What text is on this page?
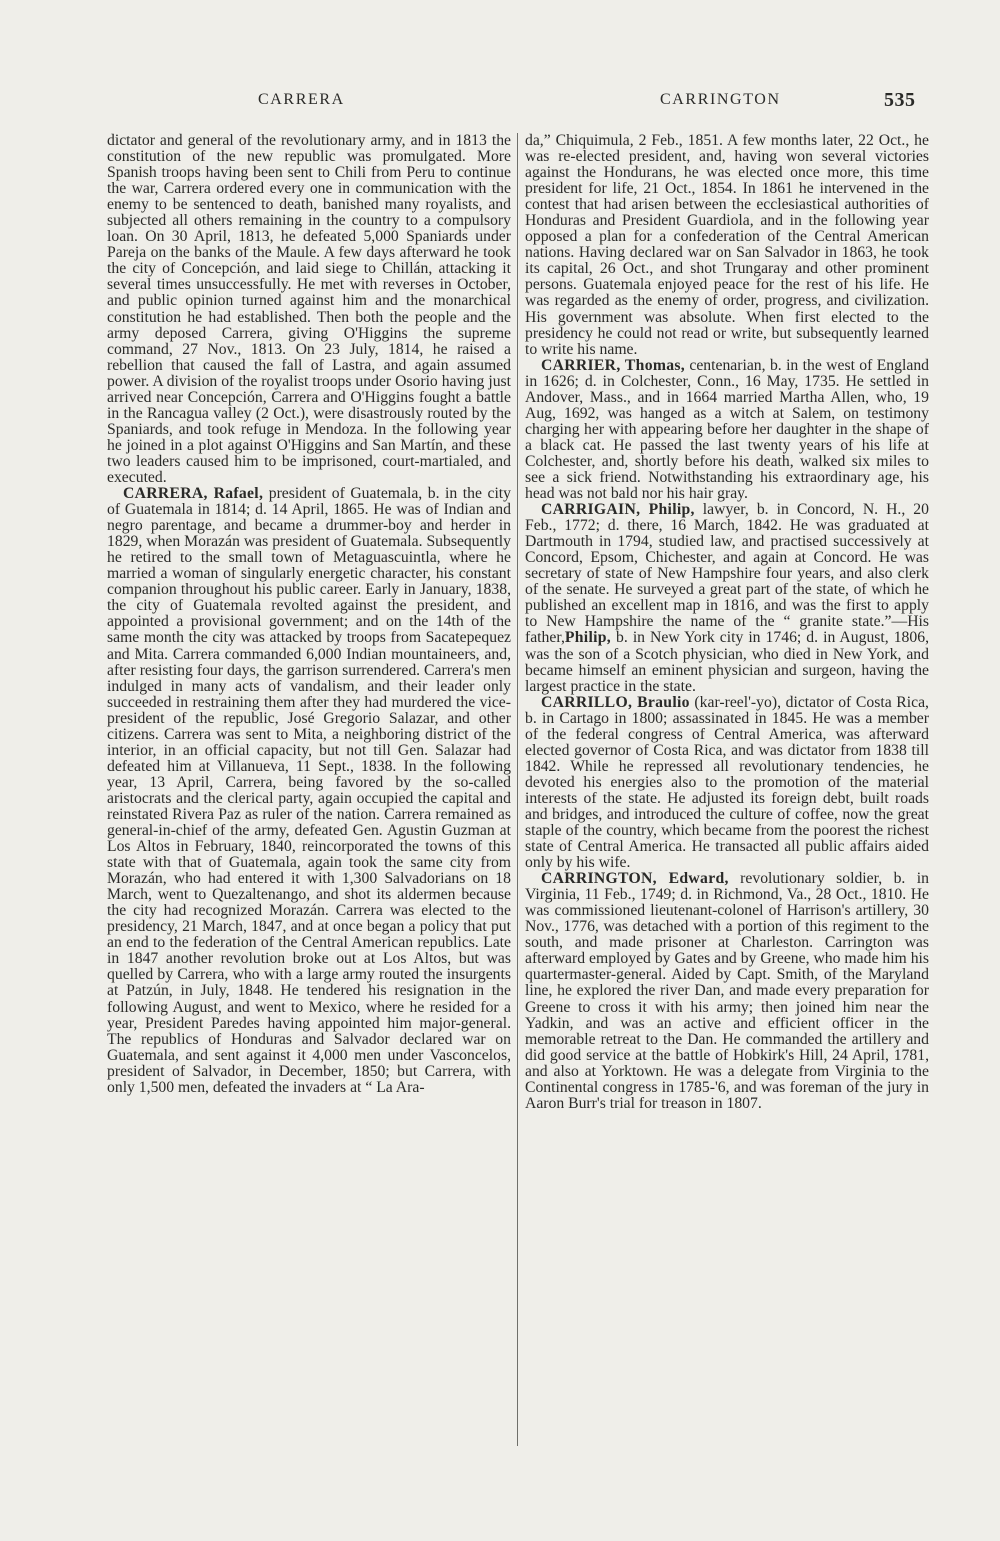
CARRERA	CARRINGTON	535

dictator and general of the revolutionary army, and in 1813 the constitution of the new republic was promulgated. More Spanish troops having been sent to Chili from Peru to continue the war, Carrera ordered every one in communication with the enemy to be sentenced to death, banished many royalists, and subjected all others remaining in the country to a compulsory loan. On 30 April, 1813, he defeated 5,000 Spaniards under Pareja on the banks of the Maule. A few days afterward he took the city of Concepción, and laid siege to Chillán, attacking it several times unsuccessfully. He met with reverses in October, and public opinion turned against him and the monarchical constitution he had established. Then both the people and the army deposed Carrera, giving O'Higgins the supreme command, 27 Nov., 1813. On 23 July, 1814, he raised a rebellion that caused the fall of Lastra, and again assumed power. A division of the royalist troops under Osorio having just arrived near Concepción, Carrera and O'Higgins fought a battle in the Rancagua valley (2 Oct.), were disastrously routed by the Spaniards, and took refuge in Mendoza. In the following year he joined in a plot against O'Higgins and San Martín, and these two leaders caused him to be imprisoned, court-martialed, and executed.

CARRERA, Rafael, president of Guatemala, b. in the city of Guatemala in 1814; d. 14 April, 1865. He was of Indian and negro parentage, and became a drummer-boy and herder in 1829, when Morazán was president of Guatemala. Subsequently he retired to the small town of Metaguascuintla, where he married a woman of singularly energetic character, his constant companion throughout his public career. Early in January, 1838, the city of Guatemala revolted against the president, and appointed a provisional government; and on the 14th of the same month the city was attacked by troops from Sacatepequez and Mita. Carrera commanded 6,000 Indian mountaineers, and, after resisting four days, the garrison surrendered. Carrera's men indulged in many acts of vandalism, and their leader only succeeded in restraining them after they had murdered the vice-president of the republic, José Gregorio Salazar, and other citizens. Carrera was sent to Mita, a neighboring district of the interior, in an official capacity, but not till Gen. Salazar had defeated him at Villanueva, 11 Sept., 1838. In the following year, 13 April, Carrera, being favored by the so-called aristocrats and the clerical party, again occupied the capital and reinstated Rivera Paz as ruler of the nation. Carrera remained as general-in-chief of the army, defeated Gen. Agustin Guzman at Los Altos in February, 1840, reincorporated the towns of this state with that of Guatemala, again took the same city from Morazán, who had entered it with 1,300 Salvadorians on 18 March, went to Quezaltenango, and shot its aldermen because the city had recognized Morazán. Carrera was elected to the presidency, 21 March, 1847, and at once began a policy that put an end to the federation of the Central American republics. Late in 1847 another revolution broke out at Los Altos, but was quelled by Carrera, who with a large army routed the insurgents at Patzún, in July, 1848. He tendered his resignation in the following August, and went to Mexico, where he resided for a year, President Paredes having appointed him major-general. The republics of Honduras and Salvador declared war on Guatemala, and sent against it 4,000 men under Vasconcelos, president of Salvador, in December, 1850; but Carrera, with only 1,500 men, defeated the invaders at “ La Ara-

da,” Chiquimula, 2 Feb., 1851. A few months later, 22 Oct., he was re-elected president, and, having won several victories against the Hondurans, he was elected once more, this time president for life, 21 Oct., 1854. In 1861 he intervened in the contest that had arisen between the ecclesiastical authorities of Honduras and President Guardiola, and in the following year opposed a plan for a confederation of the Central American nations. Having declared war on San Salvador in 1863, he took its capital, 26 Oct., and shot Trungaray and other prominent persons. Guatemala enjoyed peace for the rest of his life. He was regarded as the enemy of order, progress, and civilization. His government was absolute. When first elected to the presidency he could not read or write, but subsequently learned to write his name.

CARRIER, Thomas, centenarian, b. in the west of England in 1626; d. in Colchester, Conn., 16 May, 1735. He settled in Andover, Mass., and in 1664 married Martha Allen, who, 19 Aug, 1692, was hanged as a witch at Salem, on testimony charging her with appearing before her daughter in the shape of a black cat. He passed the last twenty years of his life at Colchester, and, shortly before his death, walked six miles to see a sick friend. Notwithstanding his extraordinary age, his head was not bald nor his hair gray.

CARRIGAIN, Philip, lawyer, b. in Concord, N. H., 20 Feb., 1772; d. there, 16 March, 1842. He was graduated at Dartmouth in 1794, studied law, and practised successively at Concord, Epsom, Chichester, and again at Concord. He was secretary of state of New Hampshire four years, and also clerk of the senate. He surveyed a great part of the state, of which he published an excellent map in 1816, and was the first to apply to New Hampshire the name of the “ granite state.”—His father,Philip, b. in New York city in 1746; d. in August, 1806, was the son of a Scotch physician, who died in New York, and became himself an eminent physician and surgeon, having the largest practice in the state.

CARRILLO, Braulio (kar-reel'-yo), dictator of Costa Rica, b. in Cartago in 1800; assassinated in 1845. He was a member of the federal congress of Central America, was afterward elected governor of Costa Rica, and was dictator from 1838 till 1842. While he repressed all revolutionary tendencies, he devoted his energies also to the promotion of the material interests of the state. He adjusted its foreign debt, built roads and bridges, and introduced the culture of coffee, now the great staple of the country, which became from the poorest the richest state of Central America. He transacted all public affairs aided only by his wife.

CARRINGTON, Edward, revolutionary soldier, b. in Virginia, 11 Feb., 1749; d. in Richmond, Va., 28 Oct., 1810. He was commissioned lieutenant-colonel of Harrison's artillery, 30 Nov., 1776, was detached with a portion of this regiment to the south, and made prisoner at Charleston. Carrington was afterward employed by Gates and by Greene, who made him his quartermaster-general. Aided by Capt. Smith, of the Maryland line, he explored the river Dan, and made every preparation for Greene to cross it with his army; then joined him near the Yadkin, and was an active and efficient officer in the memorable retreat to the Dan. He commanded the artillery and did good service at the battle of Hobkirk's Hill, 24 April, 1781, and also at Yorktown. He was a delegate from Virginia to the Continental congress in 1785-'6, and was foreman of the jury in Aaron Burr's trial for treason in 1807.
